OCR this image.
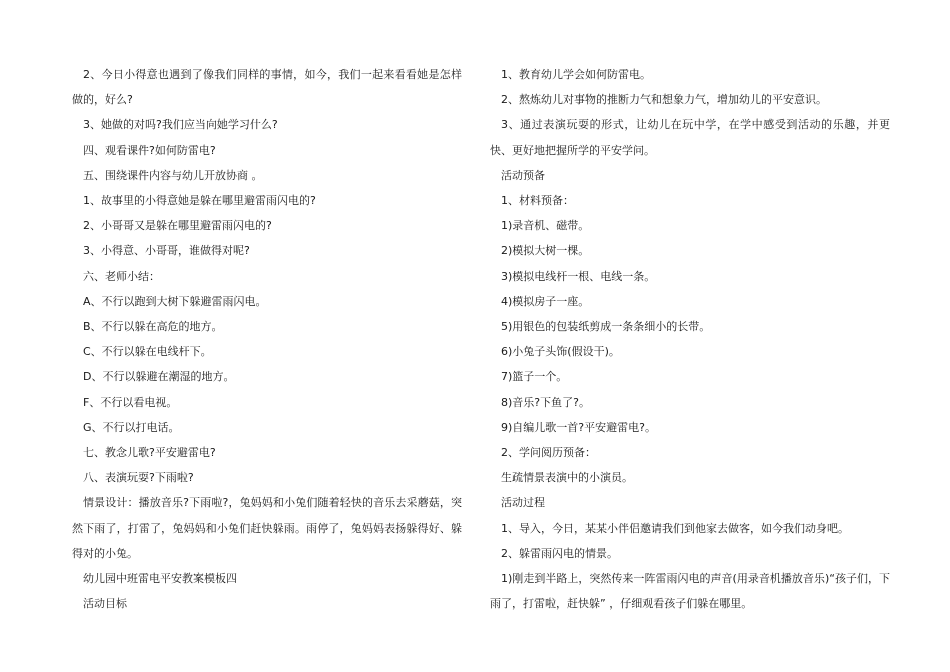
2、今日小得意也遇到了像我们同样的事情，如今，我们一起来看看她是怎样做的，好么?

3、她做的对吗?我们应当向她学习什么?

四、观看课件?如何防雷电?

五、围绕课件内容与幼儿开放协商 。

1、故事里的小得意她是躲在哪里避雷雨闪电的?

2、小哥哥又是躲在哪里避雷雨闪电的?

3、小得意、小哥哥，谁做得对呢?

六、老师小结：

A、不行以跑到大树下躲避雷雨闪电。

B、不行以躲在高危的地方。

C、不行以躲在电线杆下。

D、不行以躲避在潮湿的地方。

F、不行以看电视。

G、不行以打电话。

七、教念儿歌?平安避雷电?

八、表演玩耍?下雨啦?

情景设计：播放音乐?下雨啦?，兔妈妈和小兔们随着轻快的音乐去采蘑菇，突然下雨了，打雷了，兔妈妈和小兔们赶快躲雨。雨停了，兔妈妈表扬躲得好、躲得对的小兔。

幼儿园中班雷电平安教案模板四

活动目标

1、教育幼儿学会如何防雷电。

2、熬炼幼儿对事物的推断力气和想象力气，增加幼儿的平安意识。

3、通过表演玩耍的形式，让幼儿在玩中学，在学中感受到活动的乐趣，并更快、更好地把握所学的平安学问。

活动预备

1、材料预备：

1)录音机、磁带。

2)模拟大树一棵。

3)模拟电线杆一根、电线一条。

4)模拟房子一座。

5)用银色的包装纸剪成一条条细小的长带。

6)小兔子头饰(假设干)。

7)篮子一个。

8)音乐?下鱼了?。

9)自编儿歌一首?平安避雷电?。

2、学问阅历预备：

生疏情景表演中的小演员。

活动过程

1、导入，今日，某某小伴侣邀请我们到他家去做客，如今我们动身吧。

2、躲雷雨闪电的情景。

1)刚走到半路上，突然传来一阵雷雨闪电的声音(用录音机播放音乐)“孩子们，下雨了，打雷啦，赶快躲” ，仔细观看孩子们躲在哪里。
